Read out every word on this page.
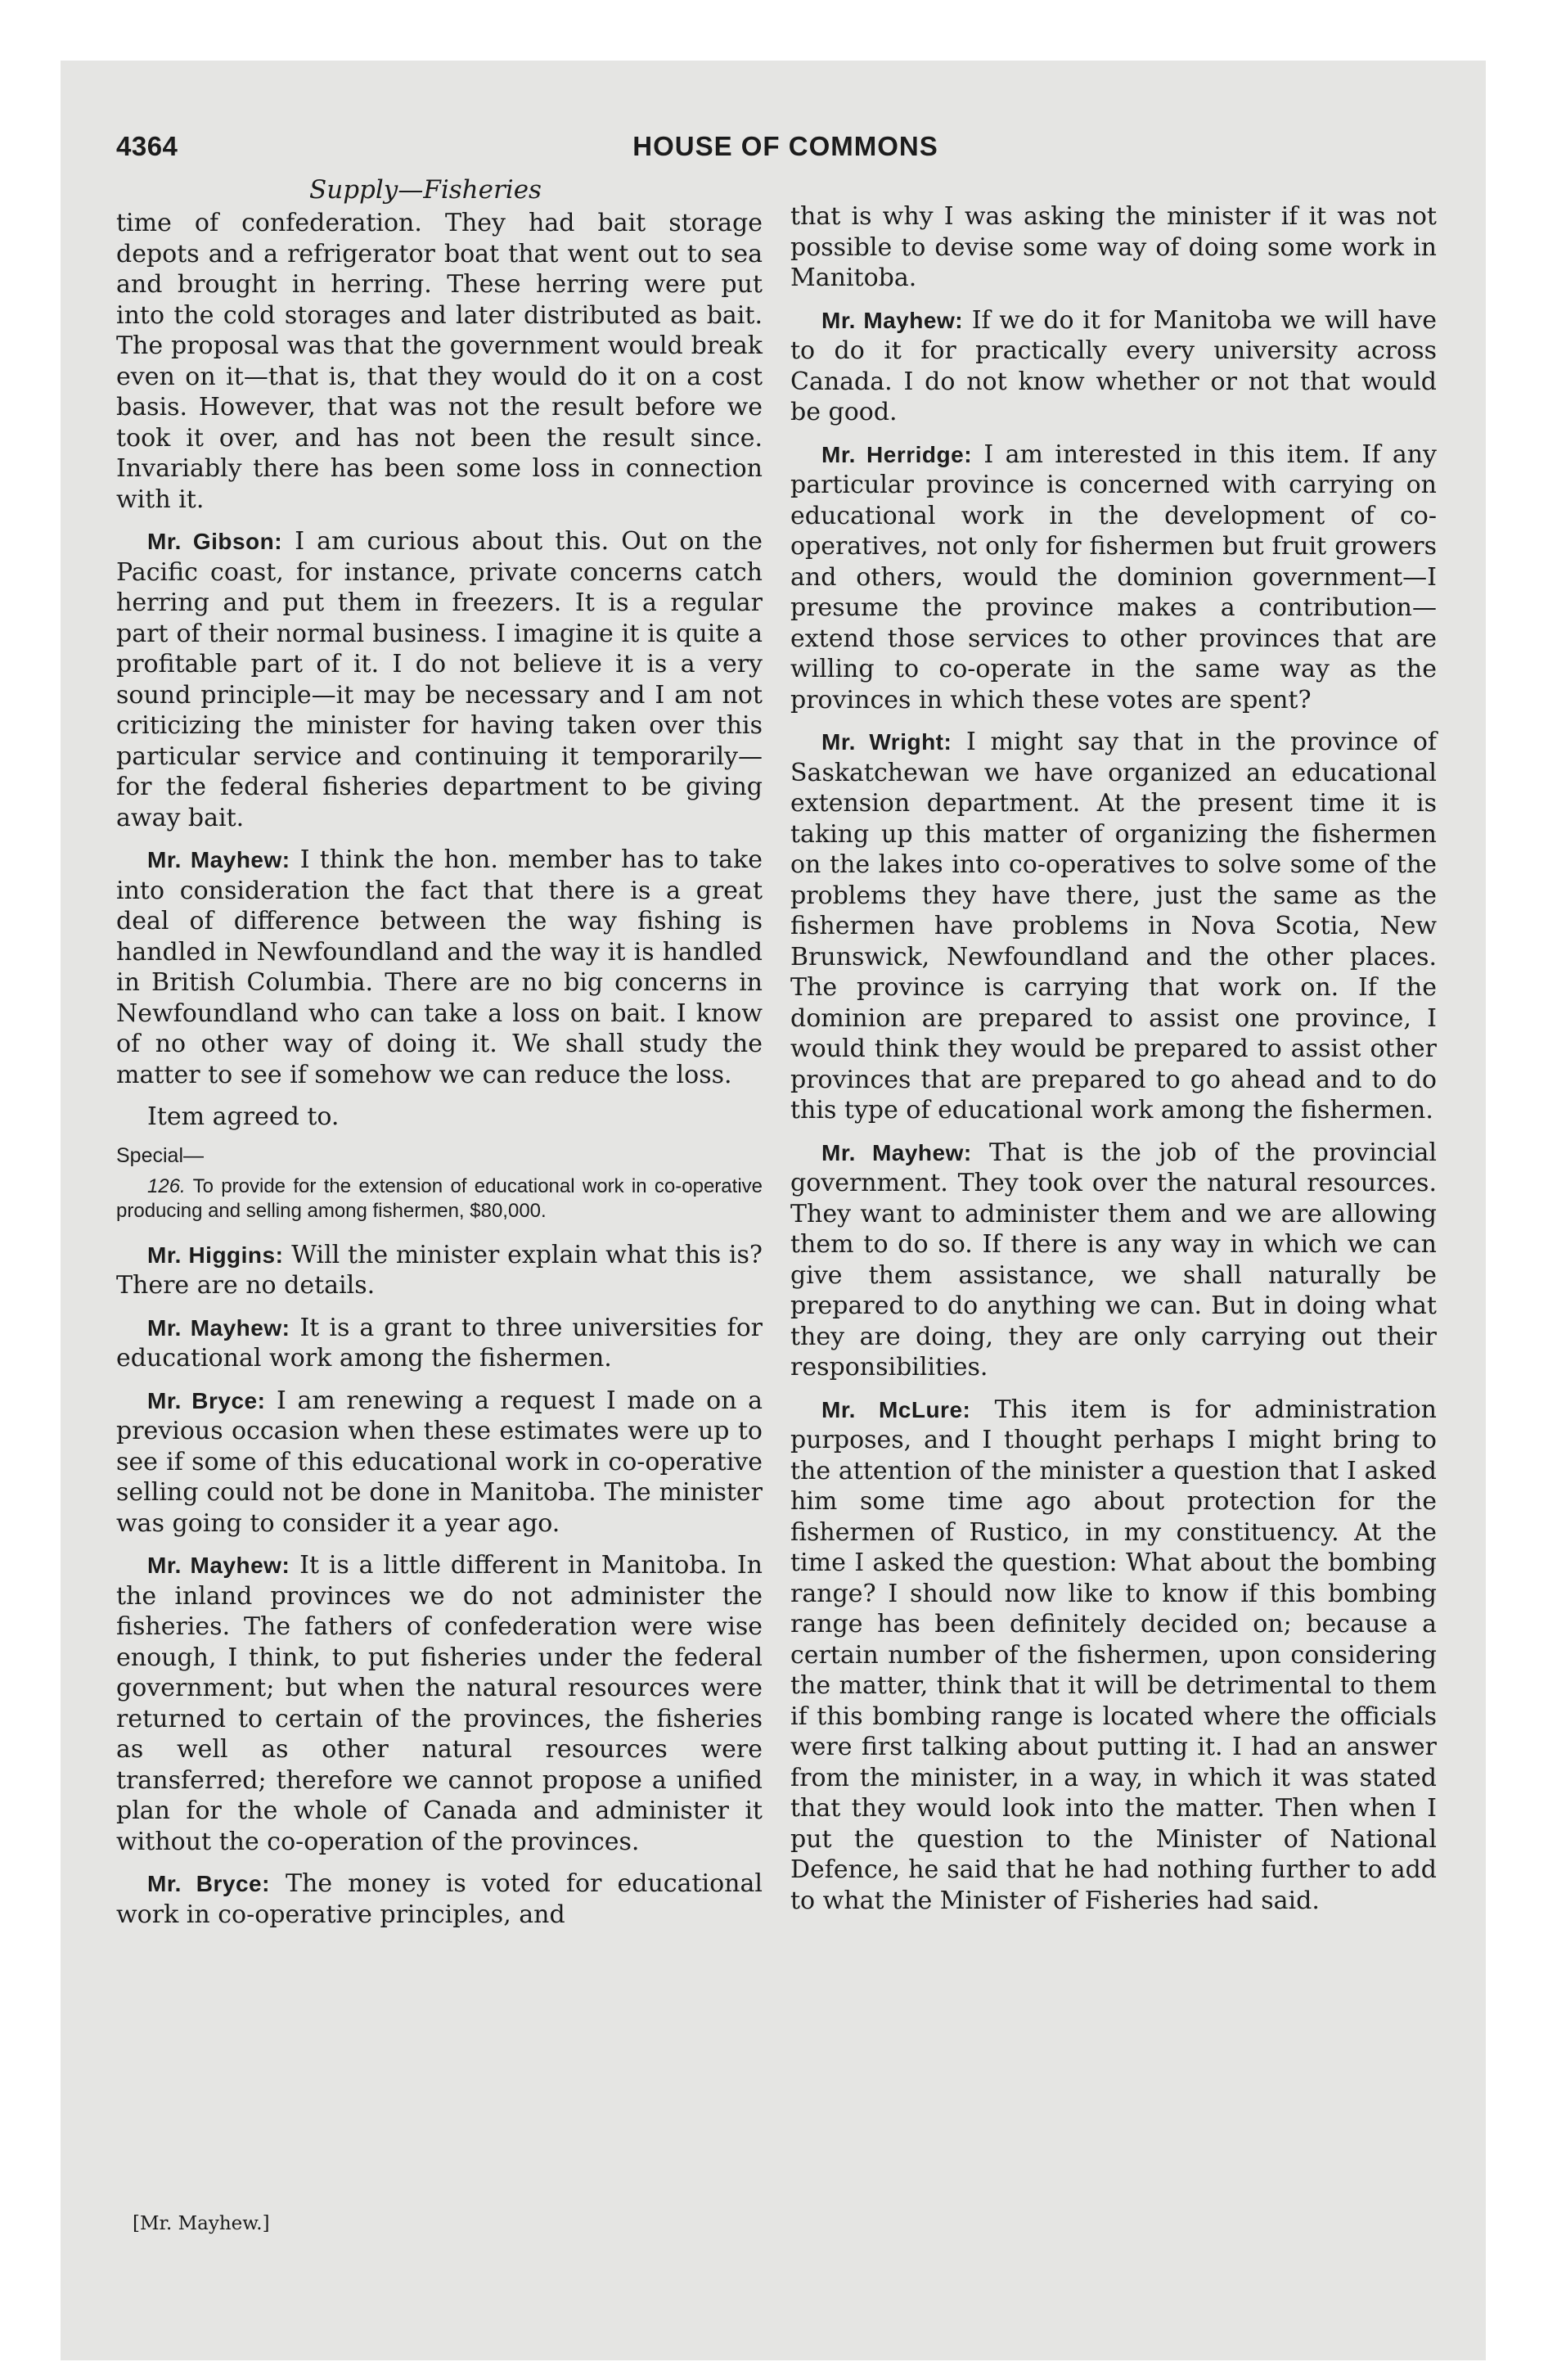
4364	HOUSE OF COMMONS
Supply—Fisheries

time of confederation. They had bait storage depots and a refrigerator boat that went out to sea and brought in herring. These herring were put into the cold storages and later distributed as bait. The proposal was that the government would break even on it—that is, that they would do it on a cost basis. However, that was not the result before we took it over, and has not been the result since. Invariably there has been some loss in connection with it.

Mr. Gibson: I am curious about this. Out on the Pacific coast, for instance, private concerns catch herring and put them in freezers. It is a regular part of their normal business. I imagine it is quite a profitable part of it. I do not believe it is a very sound principle—it may be necessary and I am not criticizing the minister for having taken over this particular service and continuing it temporarily—for the federal fisheries department to be giving away bait.

Mr. Mayhew: I think the hon. member has to take into consideration the fact that there is a great deal of difference between the way fishing is handled in Newfoundland and the way it is handled in British Columbia. There are no big concerns in Newfoundland who can take a loss on bait. I know of no other way of doing it. We shall study the matter to see if somehow we can reduce the loss.

Item agreed to.

Special—
126. To provide for the extension of educational work in co-operative producing and selling among fishermen, $80,000.

Mr. Higgins: Will the minister explain what this is? There are no details.

Mr. Mayhew: It is a grant to three universities for educational work among the fishermen.

Mr. Bryce: I am renewing a request I made on a previous occasion when these estimates were up to see if some of this educational work in co-operative selling could not be done in Manitoba. The minister was going to consider it a year ago.

Mr. Mayhew: It is a little different in Manitoba. In the inland provinces we do not administer the fisheries. The fathers of confederation were wise enough, I think, to put fisheries under the federal government; but when the natural resources were returned to certain of the provinces, the fisheries as well as other natural resources were transferred; therefore we cannot propose a unified plan for the whole of Canada and administer it without the co-operation of the provinces.

Mr. Bryce: The money is voted for educational work in co-operative principles, and

that is why I was asking the minister if it was not possible to devise some way of doing some work in Manitoba.

Mr. Mayhew: If we do it for Manitoba we will have to do it for practically every university across Canada. I do not know whether or not that would be good.

Mr. Herridge: I am interested in this item. If any particular province is concerned with carrying on educational work in the development of co-operatives, not only for fishermen but fruit growers and others, would the dominion government—I presume the province makes a contribution—extend those services to other provinces that are willing to co-operate in the same way as the provinces in which these votes are spent?

Mr. Wright: I might say that in the province of Saskatchewan we have organized an educational extension department. At the present time it is taking up this matter of organizing the fishermen on the lakes into co-operatives to solve some of the problems they have there, just the same as the fishermen have problems in Nova Scotia, New Brunswick, Newfoundland and the other places. The province is carrying that work on. If the dominion are prepared to assist one province, I would think they would be prepared to assist other provinces that are prepared to go ahead and to do this type of educational work among the fishermen.

Mr. Mayhew: That is the job of the provincial government. They took over the natural resources. They want to administer them and we are allowing them to do so. If there is any way in which we can give them assistance, we shall naturally be prepared to do anything we can. But in doing what they are doing, they are only carrying out their responsibilities.

Mr. McLure: This item is for administration purposes, and I thought perhaps I might bring to the attention of the minister a question that I asked him some time ago about protection for the fishermen of Rustico, in my constituency. At the time I asked the question: What about the bombing range? I should now like to know if this bombing range has been definitely decided on; because a certain number of the fishermen, upon considering the matter, think that it will be detrimental to them if this bombing range is located where the officials were first talking about putting it. I had an answer from the minister, in a way, in which it was stated that they would look into the matter. Then when I put the question to the Minister of National Defence, he said that he had nothing further to add to what the Minister of Fisheries had said.

[Mr. Mayhew.]
